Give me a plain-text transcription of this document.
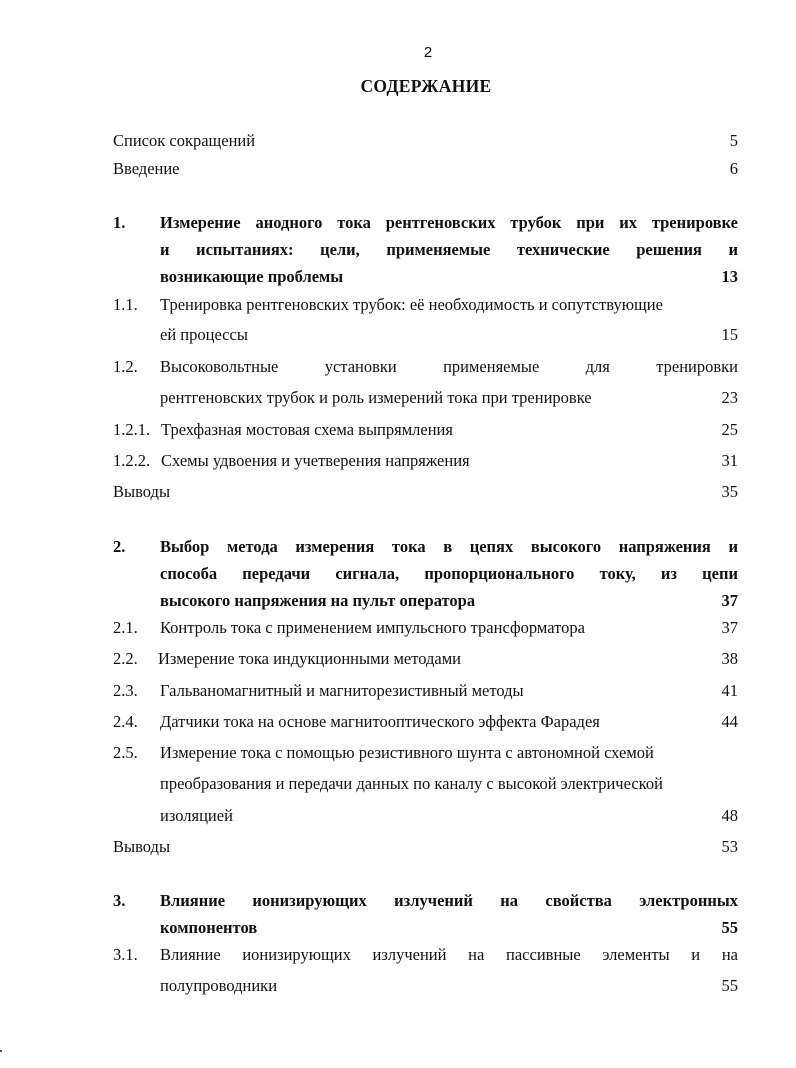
2
СОДЕРЖАНИЕ
Список сокращений	5
Введение	6
1. Измерение анодного тока рентгеновских трубок при их тренировке
и испытаниях: цели, применяемые технические решения и
возникающие проблемы	13
1.1. Тренировка рентгеновских трубок: её необходимость и сопутствующие
ей процессы	15
1.2. Высоковольтные установки применяемые для тренировки
рентгеновских трубок и роль измерений тока при тренировке	23
1.2.1. Трехфазная мостовая схема выпрямления	25
1.2.2. Схемы удвоения и учетверения напряжения	31
Выводы	35
2. Выбор метода измерения тока в цепях высокого напряжения и
способа передачи сигнала, пропорционального току, из цепи
высокого напряжения на пульт оператора	37
2.1. Контроль тока с применением импульсного трансформатора	37
2.2. Измерение тока индукционными методами	38
2.3. Гальваномагнитный и магниторезистивный методы	41
2.4. Датчики тока на основе магнитооптического эффекта Фарадея	44
2.5. Измерение тока с помощью резистивного шунта с автономной схемой
преобразования и передачи данных по каналу с высокой электрической
изоляцией	48
Выводы	53
3. Влияние ионизирующих излучений на свойства электронных
компонентов	55
3.1. Влияние ионизирующих излучений на пассивные элементы и на
полупроводники	55
